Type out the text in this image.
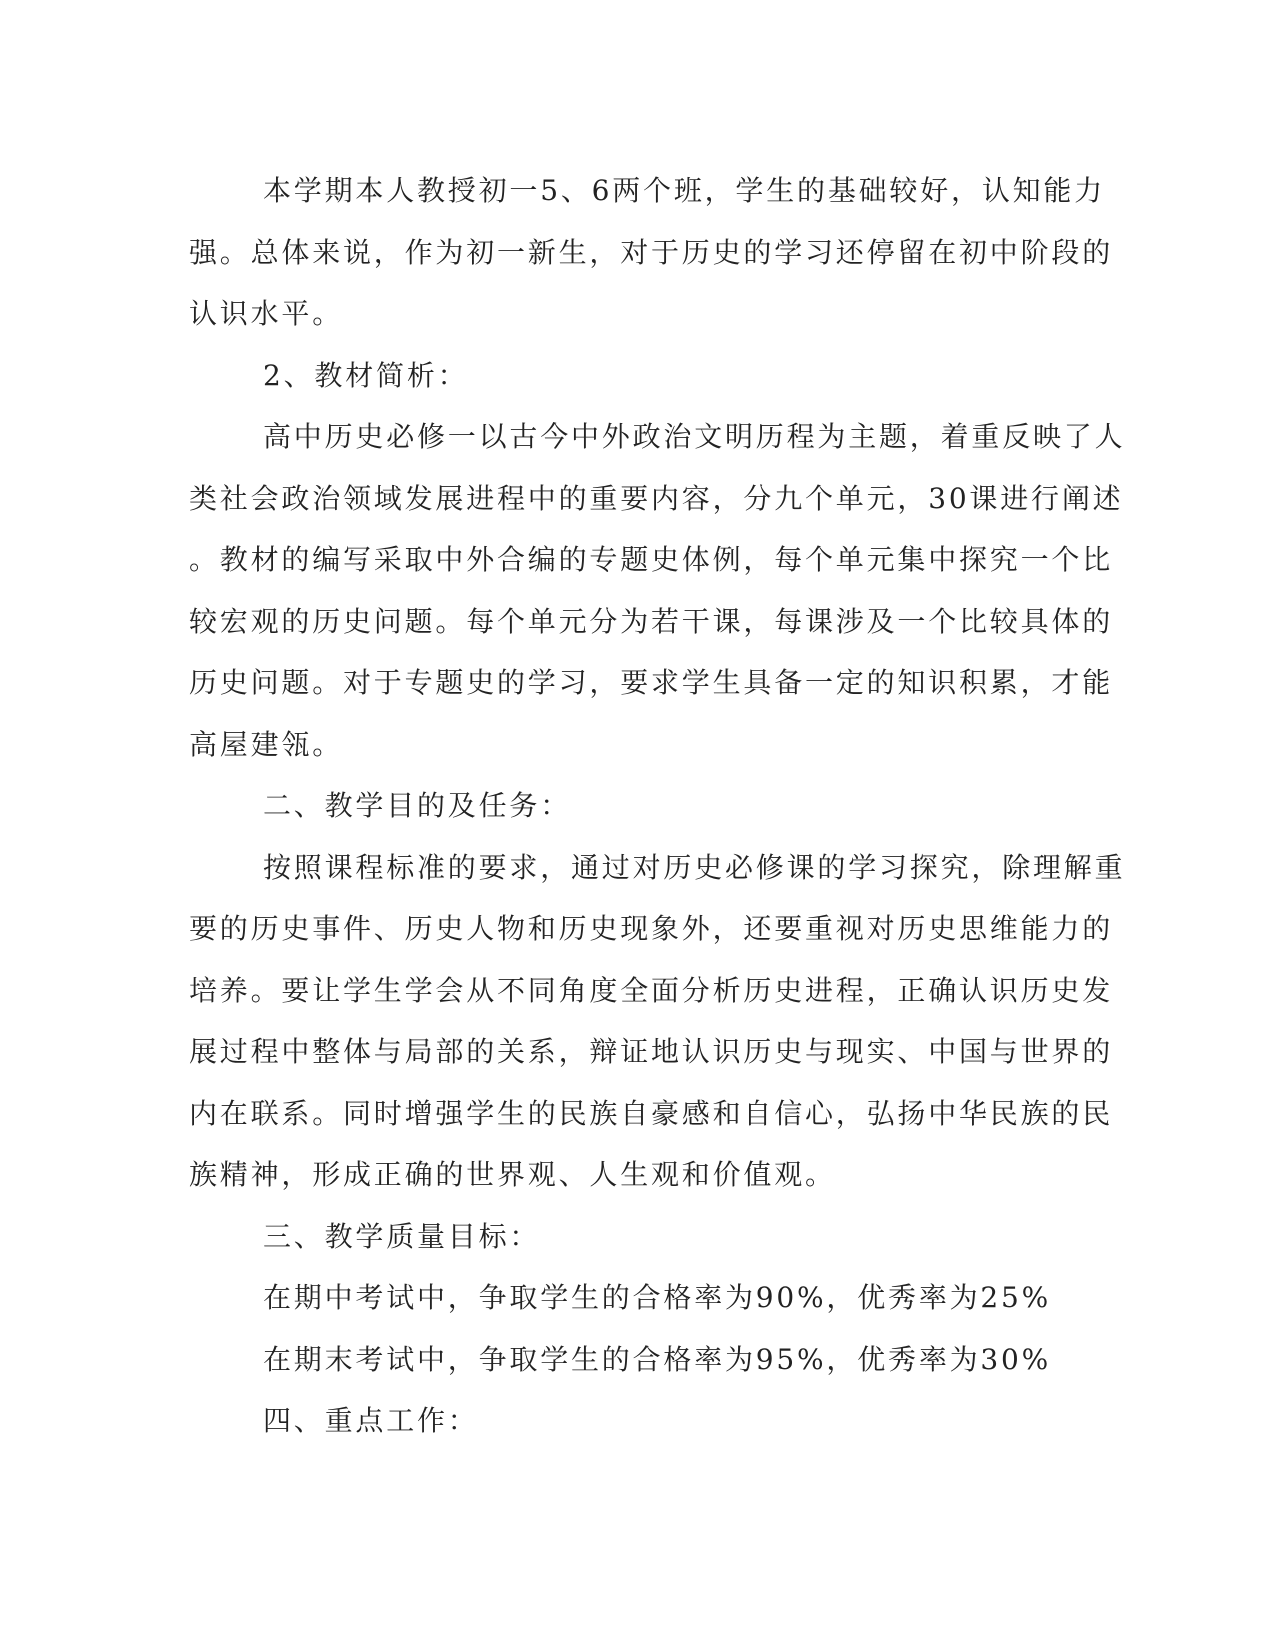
本学期本人教授初一5、6两个班，学生的基础较好，认知能力
强。总体来说，作为初一新生，对于历史的学习还停留在初中阶段的
认识水平。
2、教材简析：
高中历史必修一以古今中外政治文明历程为主题，着重反映了人
类社会政治领域发展进程中的重要内容，分九个单元，30课进行阐述
。教材的编写采取中外合编的专题史体例，每个单元集中探究一个比
较宏观的历史问题。每个单元分为若干课，每课涉及一个比较具体的
历史问题。对于专题史的学习，要求学生具备一定的知识积累，才能
高屋建瓴。
二、教学目的及任务：
按照课程标准的要求，通过对历史必修课的学习探究，除理解重
要的历史事件、历史人物和历史现象外，还要重视对历史思维能力的
培养。要让学生学会从不同角度全面分析历史进程，正确认识历史发
展过程中整体与局部的关系，辩证地认识历史与现实、中国与世界的
内在联系。同时增强学生的民族自豪感和自信心，弘扬中华民族的民
族精神，形成正确的世界观、人生观和价值观。
三、教学质量目标：
在期中考试中，争取学生的合格率为90%，优秀率为25%
在期末考试中，争取学生的合格率为95%，优秀率为30%
四、重点工作：
